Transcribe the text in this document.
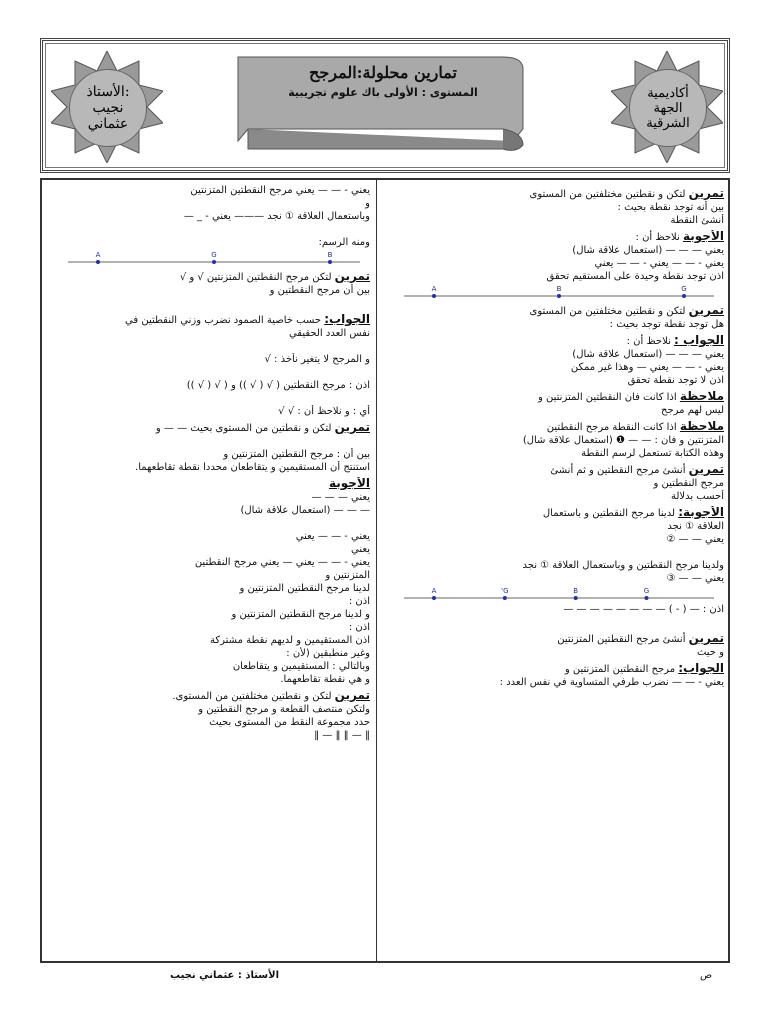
أكاديمية
الجهة
الشرقية
الأستاذ:
نجيب
عثماني
تمارين محلولة:المرجح
المستوى : الأولى باك علوم تجريبية

تمرين لتكن و نقطتين مختلفتين من المستوى

بين أنه توجد نقطة بحيث :

أنشئ النقطة

الأجوبة نلاحظ أن :

يعني — — — (استعمال علاقة شال)

يعني - — — يعني - — — يعني

اذن توجد نقطة وحيدة على المستقيم تحقق

A	B	G

تمرين لتكن و نقطتين مختلفتين من المستوى

هل توجد نقطة توجد بحيث :

الجواب : نلاحظ أن :

يعني — — — (استعمال علاقة شال)

يعني - — — يعني — وهذا غير ممكن

اذن لا توجد نقطة تحقق

ملاحظة اذا كانت فان النقطتين المتزنتين و

ليس لهم مرجح

ملاحظة اذا كانت النقطة مرجح النقطتين

المتزنتين و فان : — — ❶ (استعمال علاقة شال)

وهذه الكتابة تستعمل لرسم النقطة

تمرين أنشئ مرجح النقطتين و ثم أنشئ

مرجح النقطتين و

أحسب بدلالة

الأجوبة: لدينا مرجح النقطتين و باستعمال

العلاقة ① نجد

يعني — — ②

ولدينا مرجح النقطتين و وباستعمال العلاقة ① نجد

يعني — — ③

A	G'	B	G

اذن : — ( - ) — — — — — — — —

تمرين أنشئ مرجح النقطتين المتزنتين

و حيث

الجواب: مرجح النقطتين المتزنتين و

يعني - — — نضرب طرفي المتساوية في نفس العدد :

يعني - — — يعني مرجح النقطتين المتزنتين

و

وباستعمال العلاقة ① نجد ——— يعني - _ —

ومنه الرسم:

A	G	B

تمرين لتكن مرجح النقطتين المتزنتين √ و √

بين أن مرجح النقطتين و

الجواب: حسب خاصية الصمود نضرب وزني النقطتين في

نفس العدد الحقيقي

و المرجح لا يتغير نأخذ : √

اذن : مرجح النقطتين ( √ ( √ )) و ( √ ( √ ))

أي : و نلاحظ أن : √ √

تمرين لتكن و نقطتين من المستوى بحيث — — و

بين أن : مرجح النقطتين المتزنتين و

استنتج أن المستقيمين و يتقاطعان محددا نقطة تقاطعهما.

الأجوبة

يعني — — —

— — — (استعمال علاقة شال)

يعني - — — يعني

يعني

يعني - — — يعني — يعني مرجح النقطتين

المتزنتين و

لدينا مرجح النقطتين المتزنتين و

اذن :

و لدينا مرجح النقطتين المتزنتين و

اذن :

اذن المستقيمين و لديهم نقطة مشتركة

وغير منطبقين (لأن :

وبالتالي : المستقيمين و يتقاطعان

و هي نقطة تقاطعهما.

تمرين لتكن و نقطتين مختلفتين من المستوى.

ولتكن منتصف القطعة و مرجح النقطتين و

حدد مجموعة النقط من المستوى بحيث

‖ — ‖ ‖ — ‖

الأستاذ : عثماني نجيب	ص
